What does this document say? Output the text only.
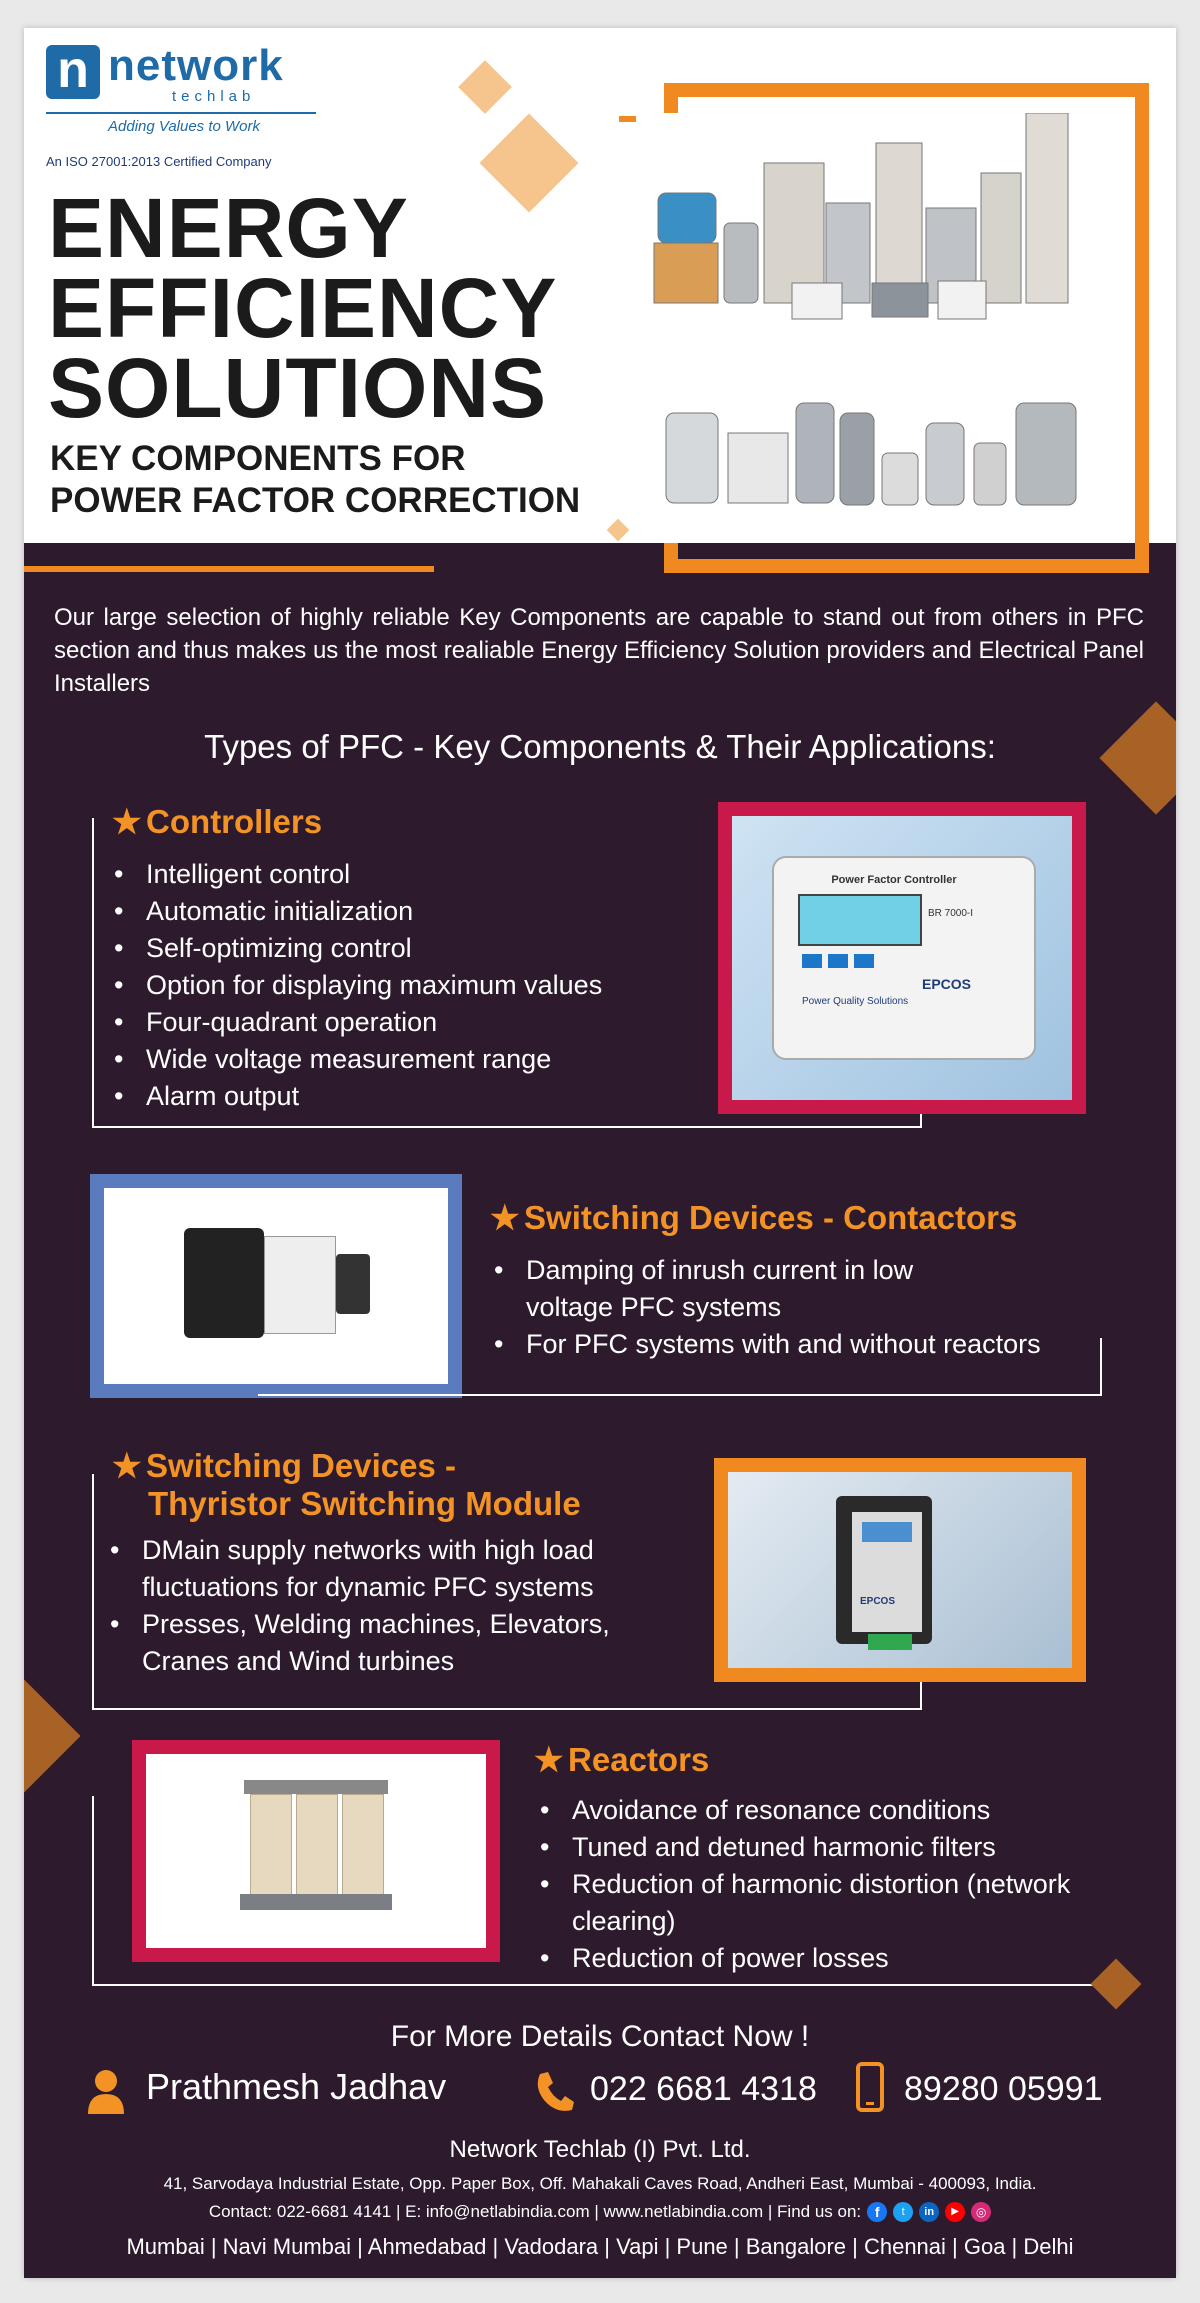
n network
techlab
Adding Values to Work
An ISO 27001:2013 Certified Company
ENERGY
EFFICIENCY
SOLUTIONS
KEY COMPONENTS FOR
POWER FACTOR CORRECTION
Our large selection of highly reliable Key Components are capable to stand out from others in PFC section and thus makes us the most realiable Energy Efficiency Solution providers and Electrical Panel Installers
Types of PFC - Key Components & Their Applications:
★ Controllers
• Intelligent control
• Automatic initialization
• Self-optimizing control
• Option for displaying maximum values
• Four-quadrant operation
• Wide voltage measurement range
• Alarm output
Power Factor Controller
BR 7000-I
EPCOS
Power Quality Solutions
★ Switching Devices - Contactors
• Damping of inrush current in low voltage PFC systems
• For PFC systems with and without reactors
★ Switching Devices -
Thyristor Switching Module
• DMain supply networks with high load fluctuations for dynamic PFC systems
• Presses, Welding machines, Elevators, Cranes and Wind turbines
EPCOS
★ Reactors
• Avoidance of resonance conditions
• Tuned and detuned harmonic filters
• Reduction of harmonic distortion (network clearing)
• Reduction of power losses
For More Details Contact Now !
Prathmesh Jadhav	022 6681 4318	89280 05991
Network Techlab (I) Pvt. Ltd.
41, Sarvodaya Industrial Estate, Opp. Paper Box, Off. Mahakali Caves Road, Andheri East, Mumbai - 400093, India.
Contact: 022-6681 4141 | E: info@netlabindia.com | www.netlabindia.com | Find us on: f	t	in	▶	◎
Mumbai | Navi Mumbai | Ahmedabad | Vadodara | Vapi | Pune | Bangalore | Chennai | Goa | Delhi
